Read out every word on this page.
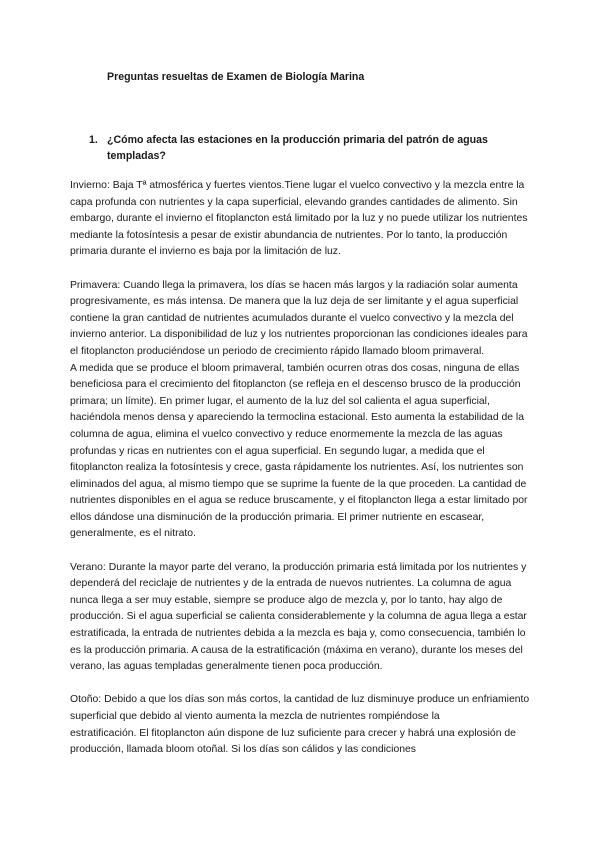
Preguntas resueltas de Examen de Biología Marina
1. ¿Cómo afecta las estaciones en la producción primaria del patrón de aguas templadas?

Invierno: Baja Tª atmosférica y fuertes vientos.Tiene lugar el vuelco convectivo y la mezcla entre la capa profunda con nutrientes y la capa superficial, elevando grandes cantidades de alimento. Sin embargo, durante el invierno el fitoplancton está limitado por la luz y no puede utilizar los nutrientes mediante la fotosíntesis a pesar de existir abundancia de nutrientes. Por lo tanto, la producción primaria durante el invierno es baja por la limitación de luz.

Primavera: Cuando llega la primavera, los días se hacen más largos y la radiación solar aumenta progresivamente, es más intensa. De manera que la luz deja de ser limitante y el agua superficial contiene la gran cantidad de nutrientes acumulados durante el vuelco convectivo y la mezcla del invierno anterior. La disponibilidad de luz y los nutrientes proporcionan las condiciones ideales para el fitoplancton produciéndose un periodo de crecimiento rápido llamado bloom primaveral.

A medida que se produce el bloom primaveral, también ocurren otras dos cosas, ninguna de ellas beneficiosa para el crecimiento del fitoplancton (se refleja en el descenso brusco de la producción primara; un límite). En primer lugar, el aumento de la luz del sol calienta el agua superficial, haciéndola menos densa y apareciendo la termoclina estacional. Esto aumenta la estabilidad de la columna de agua, elimina el vuelco convectivo y reduce enormemente la mezcla de las aguas profundas y ricas en nutrientes con el agua superficial. En segundo lugar, a medida que el fitoplancton realiza la fotosíntesis y crece, gasta rápidamente los nutrientes. Así, los nutrientes son eliminados del agua, al mismo tiempo que se suprime la fuente de la que proceden. La cantidad de nutrientes disponibles en el agua se reduce bruscamente, y el fitoplancton llega a estar limitado por ellos dándose una disminución de la producción primaria. El primer nutriente en escasear, generalmente, es el nitrato.

Verano: Durante la mayor parte del verano, la producción primaria está limitada por los nutrientes y dependerá del reciclaje de nutrientes y de la entrada de nuevos nutrientes. La columna de agua nunca llega a ser muy estable, siempre se produce algo de mezcla y, por lo tanto, hay algo de producción. Si el agua superficial se calienta considerablemente y la columna de agua llega a estar estratificada, la entrada de nutrientes debida a la mezcla es baja y, como consecuencia, también lo es la producción primaria. A causa de la estratificación (máxima en verano), durante los meses del verano, las aguas templadas generalmente tienen poca producción.

Otoño: Debido a que los días son más cortos, la cantidad de luz disminuye produce un enfriamiento superficial que debido al viento aumenta la mezcla de nutrientes rompiéndose la

estratificación. El fitoplancton aún dispone de luz suficiente para crecer y habrá una explosión de producción, llamada bloom otoñal. Si los días son cálidos y las condiciones
